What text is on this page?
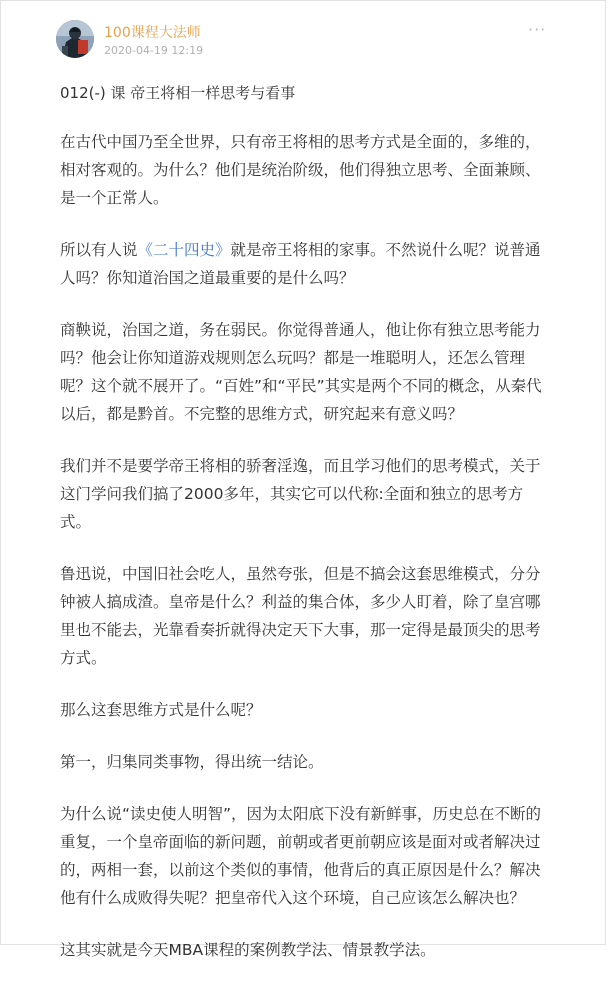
100课程大法师
2020-04-19 12:19
···
012(-) 课 帝王将相一样思考与看事

在古代中国乃至全世界，只有帝王将相的思考方式是全面的，多维的，相对客观的。为什么？他们是统治阶级，他们得独立思考、全面兼顾、是一个正常人。

所以有人说《二十四史》就是帝王将相的家事。不然说什么呢？说普通人吗？你知道治国之道最重要的是什么吗？

商鞅说，治国之道，务在弱民。你觉得普通人，他让你有独立思考能力吗？他会让你知道游戏规则怎么玩吗？都是一堆聪明人，还怎么管理呢？这个就不展开了。“百姓”和“平民”其实是两个不同的概念，从秦代以后，都是黔首。不完整的思维方式，研究起来有意义吗？

我们并不是要学帝王将相的骄奢淫逸，而且学习他们的思考模式，关于这门学问我们搞了2000多年，其实它可以代称:全面和独立的思考方式。

鲁迅说，中国旧社会吃人，虽然夸张，但是不搞会这套思维模式，分分钟被人搞成渣。皇帝是什么？利益的集合体，多少人盯着，除了皇宫哪里也不能去，光靠看奏折就得决定天下大事，那一定得是最顶尖的思考方式。

那么这套思维方式是什么呢？

第一，归集同类事物，得出统一结论。

为什么说“读史使人明智”，因为太阳底下没有新鲜事，历史总在不断的重复，一个皇帝面临的新问题，前朝或者更前朝应该是面对或者解决过的，两相一套，以前这个类似的事情，他背后的真正原因是什么？解决他有什么成败得失呢？把皇帝代入这个环境，自己应该怎么解决也？

这其实就是今天MBA课程的案例教学法、情景教学法。
